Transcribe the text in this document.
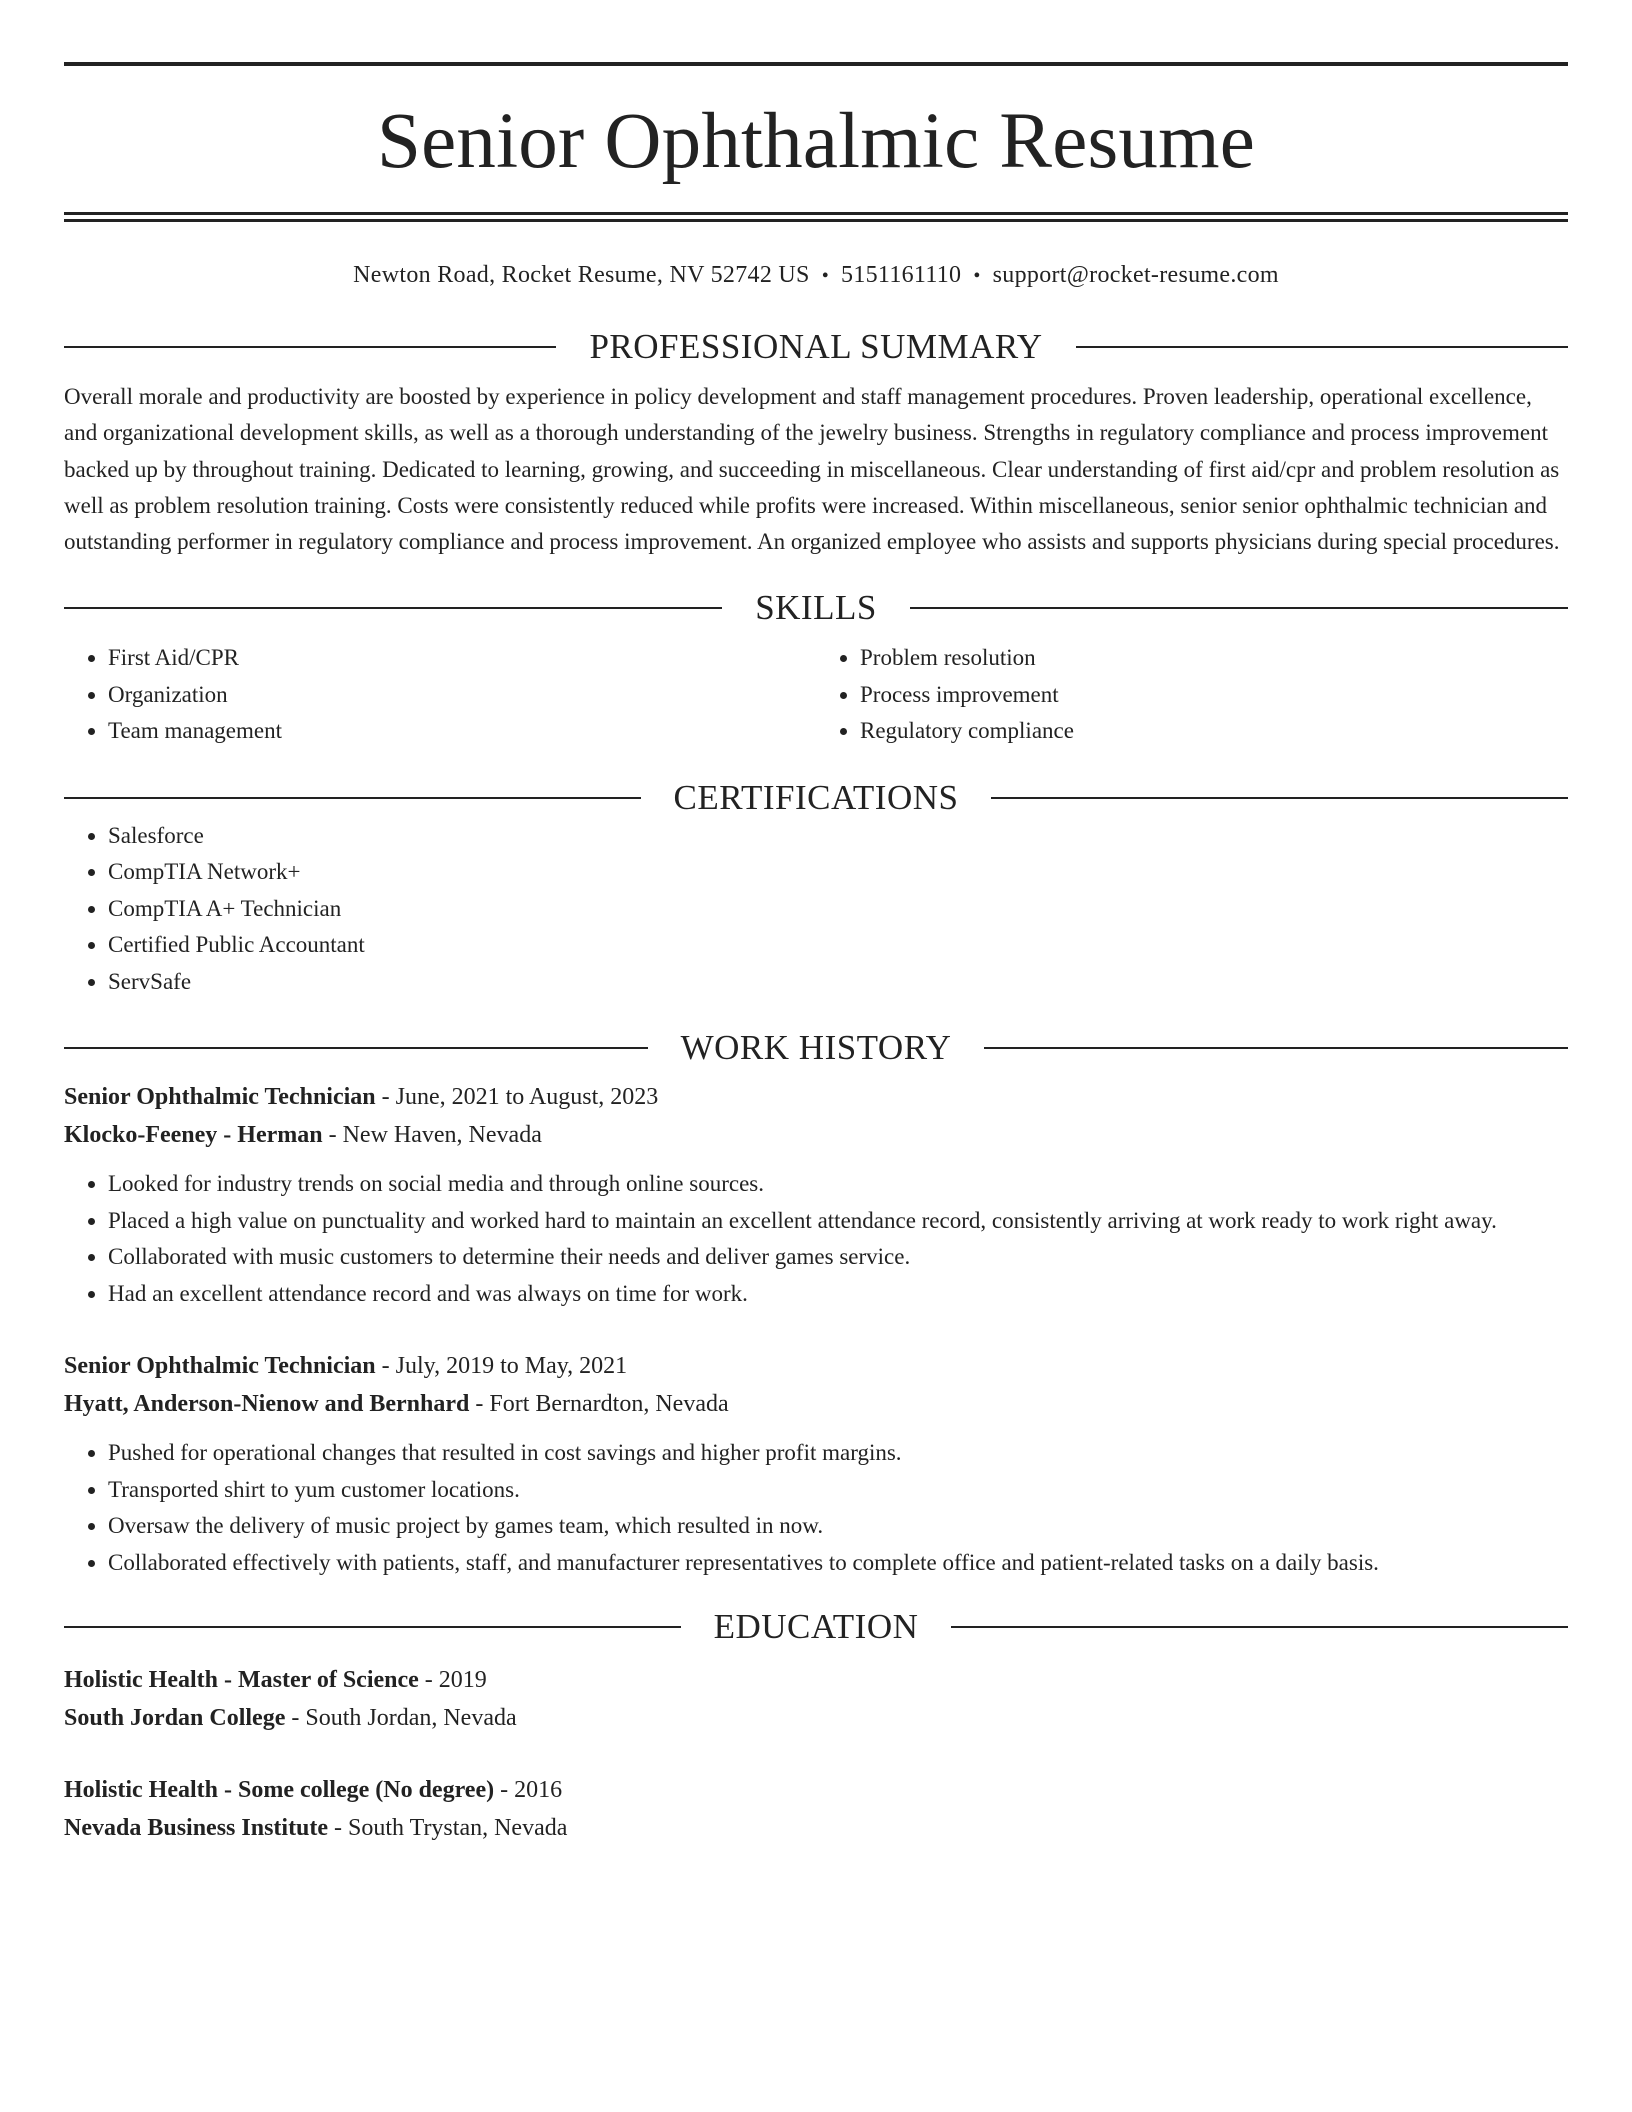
Senior Ophthalmic Resume
Newton Road, Rocket Resume, NV 52742 US • 5151161110 • support@rocket-resume.com
PROFESSIONAL SUMMARY
Overall morale and productivity are boosted by experience in policy development and staff management procedures. Proven leadership, operational excellence, and organizational development skills, as well as a thorough understanding of the jewelry business. Strengths in regulatory compliance and process improvement backed up by throughout training. Dedicated to learning, growing, and succeeding in miscellaneous. Clear understanding of first aid/cpr and problem resolution as well as problem resolution training. Costs were consistently reduced while profits were increased. Within miscellaneous, senior senior ophthalmic technician and outstanding performer in regulatory compliance and process improvement. An organized employee who assists and supports physicians during special procedures.
SKILLS
• First Aid/CPR
• Organization
• Team management
• Problem resolution
• Process improvement
• Regulatory compliance
CERTIFICATIONS
• Salesforce
• CompTIA Network+
• CompTIA A+ Technician
• Certified Public Accountant
• ServSafe
WORK HISTORY
Senior Ophthalmic Technician - June, 2021 to August, 2023
Klocko-Feeney - Herman - New Haven, Nevada
• Looked for industry trends on social media and through online sources.
• Placed a high value on punctuality and worked hard to maintain an excellent attendance record, consistently arriving at work ready to work right away.
• Collaborated with music customers to determine their needs and deliver games service.
• Had an excellent attendance record and was always on time for work.
Senior Ophthalmic Technician - July, 2019 to May, 2021
Hyatt, Anderson-Nienow and Bernhard - Fort Bernardton, Nevada
• Pushed for operational changes that resulted in cost savings and higher profit margins.
• Transported shirt to yum customer locations.
• Oversaw the delivery of music project by games team, which resulted in now.
• Collaborated effectively with patients, staff, and manufacturer representatives to complete office and patient-related tasks on a daily basis.
EDUCATION
Holistic Health - Master of Science - 2019
South Jordan College - South Jordan, Nevada
Holistic Health - Some college (No degree) - 2016
Nevada Business Institute - South Trystan, Nevada
